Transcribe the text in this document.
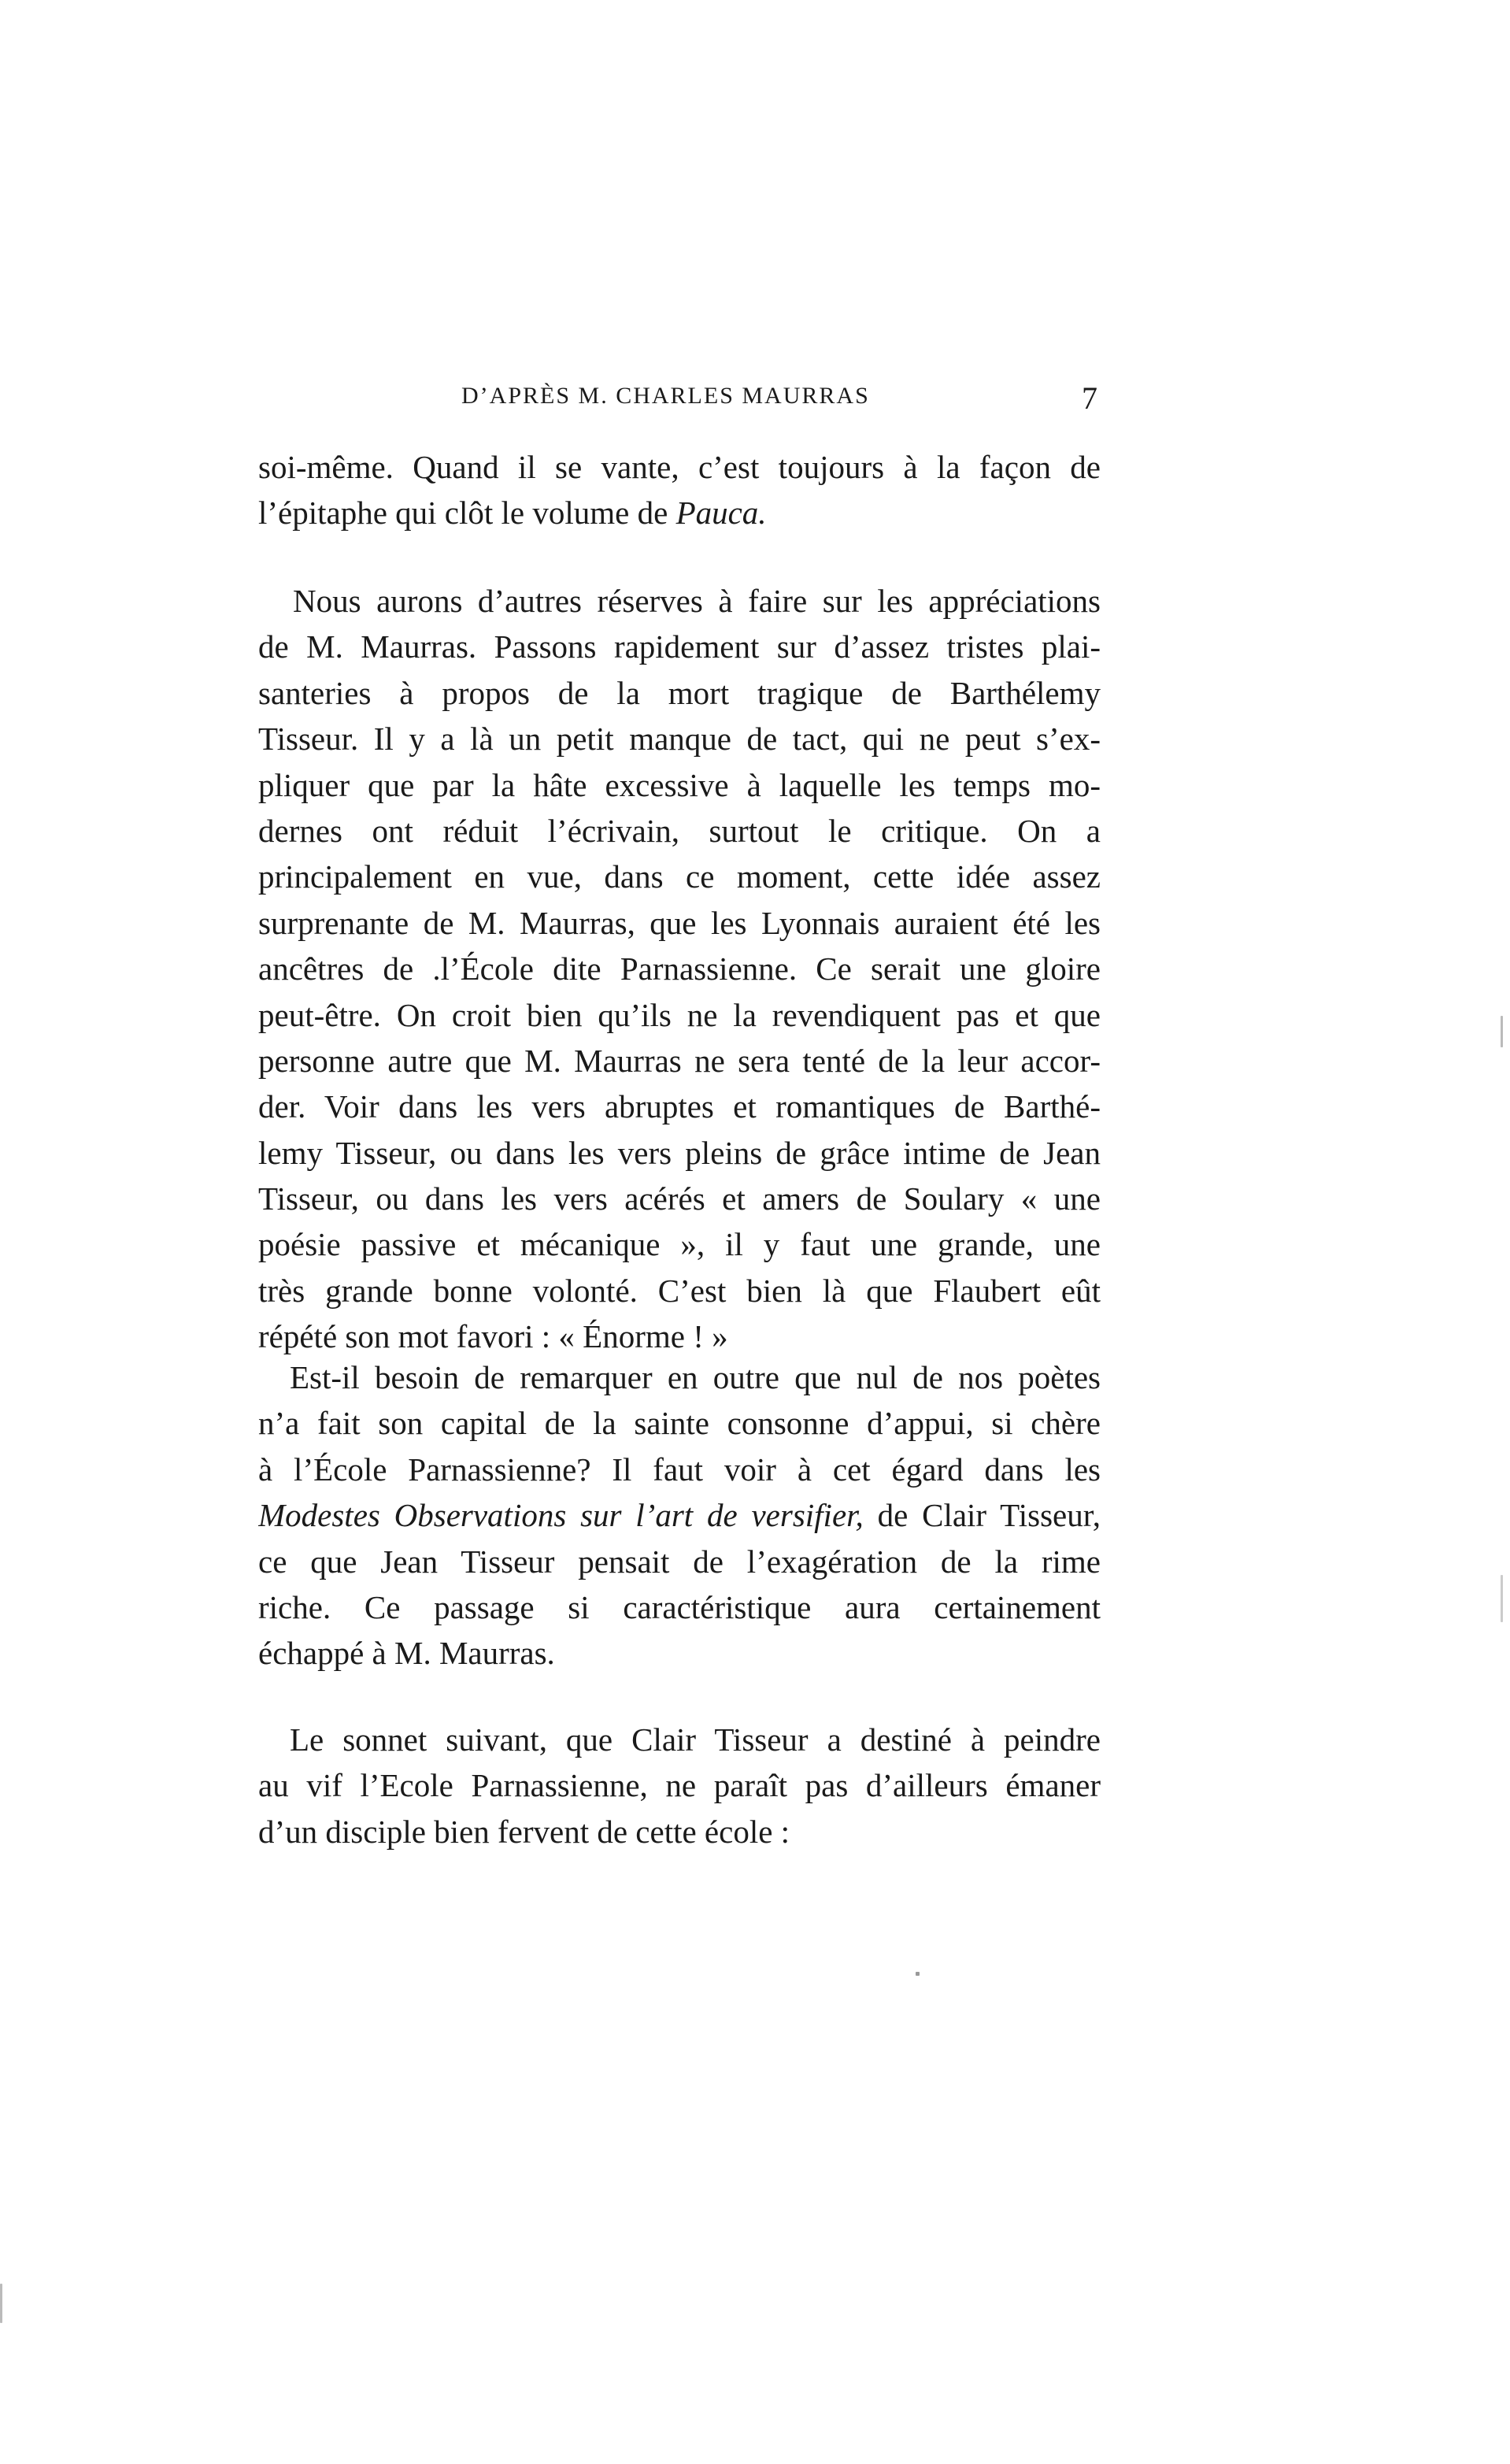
D’APRÈS M. CHARLES MAURRAS	7
soi-même. Quand il se vante, c’est toujours à la façon de
l’épitaphe qui clôt le volume de Pauca.
Nous aurons d’autres réserves à faire sur les appréciations
de M. Maurras. Passons rapidement sur d’assez tristes plai-
santeries à propos de la mort tragique de Barthélemy
Tisseur. Il y a là un petit manque de tact, qui ne peut s’ex-
pliquer que par la hâte excessive à laquelle les temps mo-
dernes ont réduit l’écrivain, surtout le critique. On a
principalement en vue, dans ce moment, cette idée assez
surprenante de M. Maurras, que les Lyonnais auraient été les
ancêtres de .l’École dite Parnassienne. Ce serait une gloire
peut-être. On croit bien qu’ils ne la revendiquent pas et que
personne autre que M. Maurras ne sera tenté de la leur accor-
der. Voir dans les vers abruptes et romantiques de Barthé-
lemy Tisseur, ou dans les vers pleins de grâce intime de Jean
Tisseur, ou dans les vers acérés et amers de Soulary « une
poésie passive et mécanique », il y faut une grande, une
très grande bonne volonté. C’est bien là que Flaubert eût
répété son mot favori : « Énorme ! »
Est-il besoin de remarquer en outre que nul de nos poètes
n’a fait son capital de la sainte consonne d’appui, si chère
à l’École Parnassienne? Il faut voir à cet égard dans les
Modestes Observations sur l’art de versifier, de Clair Tisseur,
ce que Jean Tisseur pensait de l’exagération de la rime
riche. Ce passage si caractéristique aura certainement
échappé à M. Maurras.
Le sonnet suivant, que Clair Tisseur a destiné à peindre
au vif l’Ecole Parnassienne, ne paraît pas d’ailleurs émaner
d’un disciple bien fervent de cette école :
